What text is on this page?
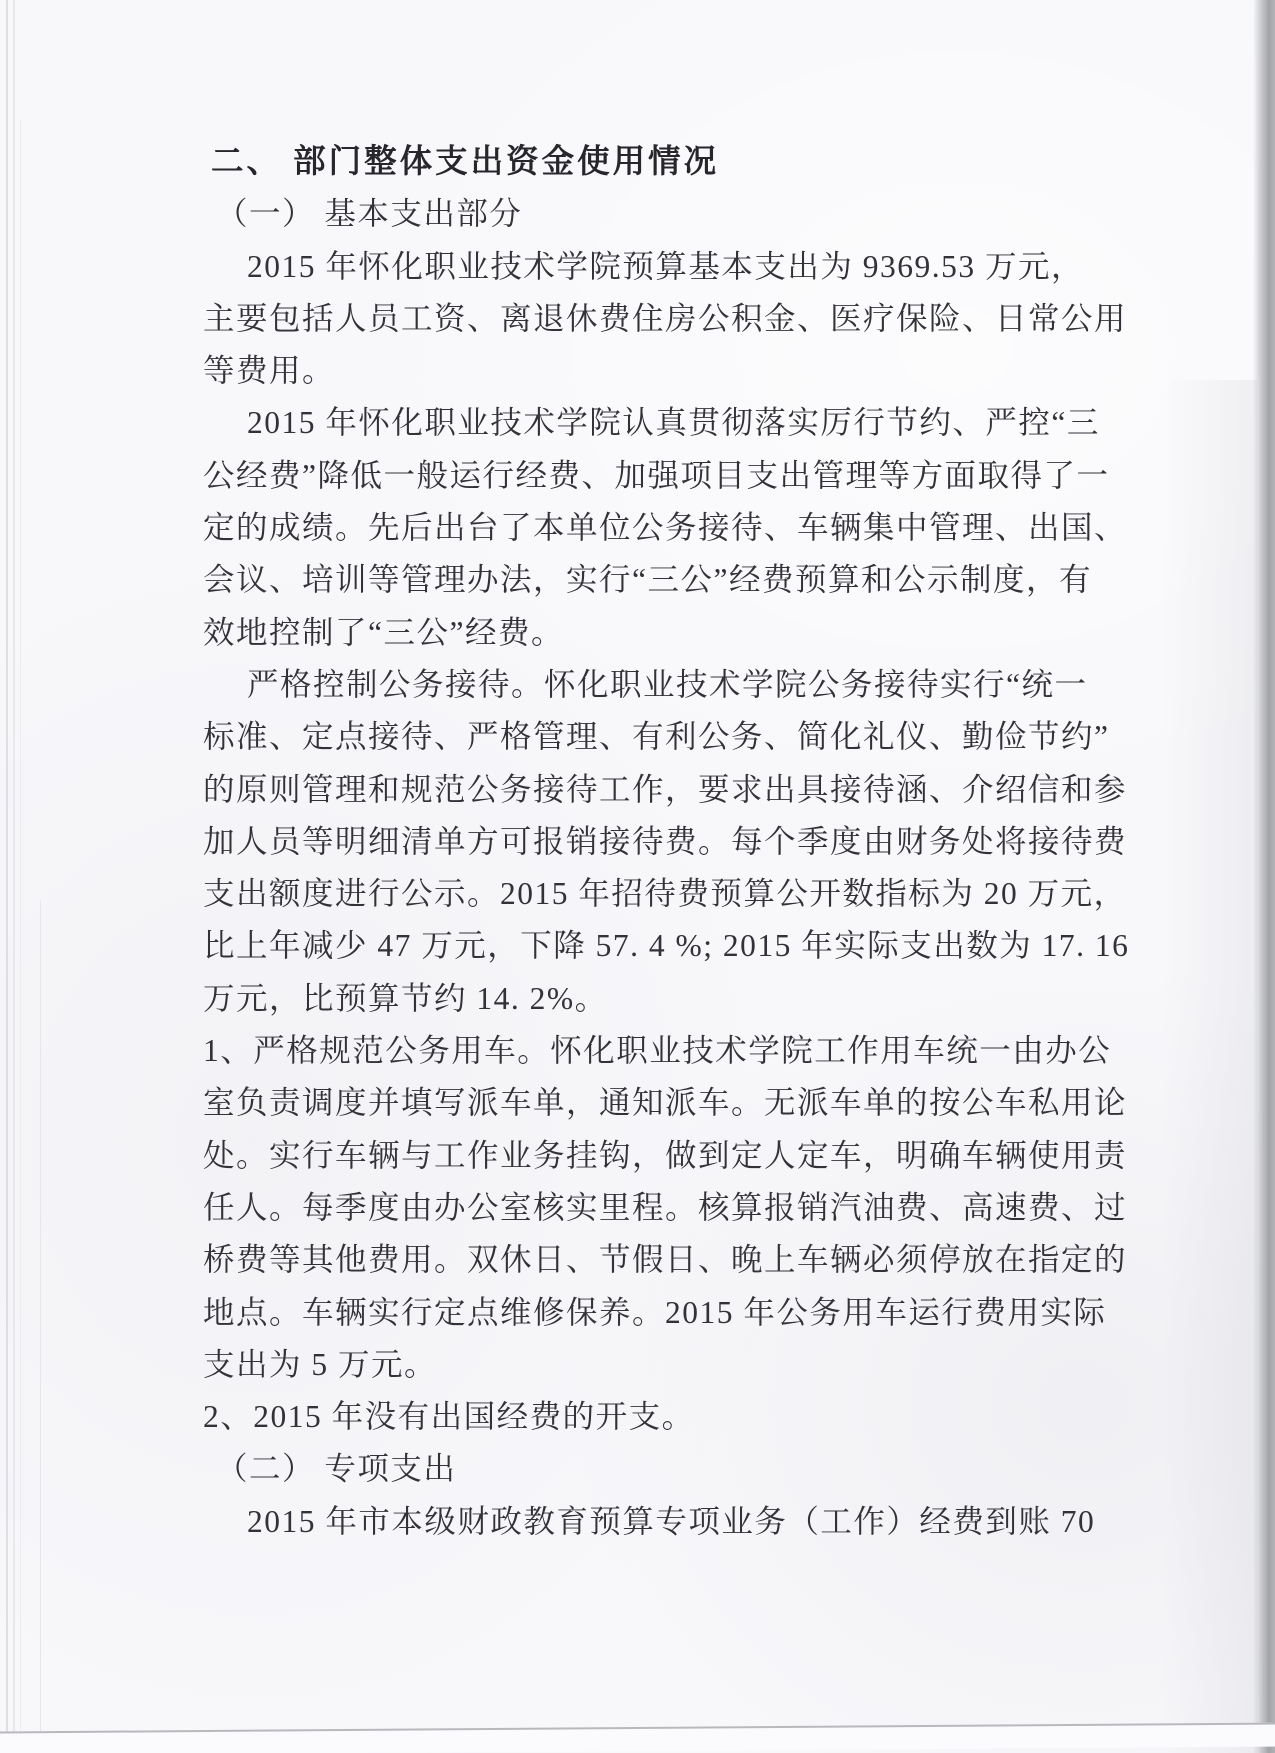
二、 部门整体支出资金使用情况
（一） 基本支出部分
2015 年怀化职业技术学院预算基本支出为 9369.53 万元，
主要包括人员工资、离退休费住房公积金、医疗保险、日常公用
等费用。
2015 年怀化职业技术学院认真贯彻落实厉行节约、严控“三
公经费”降低一般运行经费、加强项目支出管理等方面取得了一
定的成绩。先后出台了本单位公务接待、车辆集中管理、出国、
会议、培训等管理办法，实行“三公”经费预算和公示制度，有
效地控制了“三公”经费。
严格控制公务接待。怀化职业技术学院公务接待实行“统一
标准、定点接待、严格管理、有利公务、简化礼仪、勤俭节约”
的原则管理和规范公务接待工作，要求出具接待涵、介绍信和参
加人员等明细清单方可报销接待费。每个季度由财务处将接待费
支出额度进行公示。2015 年招待费预算公开数指标为 20 万元，
比上年减少 47 万元，下降 57. 4 %; 2015 年实际支出数为 17. 16
万元，比预算节约 14. 2%。
1、严格规范公务用车。怀化职业技术学院工作用车统一由办公
室负责调度并填写派车单，通知派车。无派车单的按公车私用论
处。实行车辆与工作业务挂钩，做到定人定车，明确车辆使用责
任人。每季度由办公室核实里程。核算报销汽油费、高速费、过
桥费等其他费用。双休日、节假日、晚上车辆必须停放在指定的
地点。车辆实行定点维修保养。2015 年公务用车运行费用实际
支出为 5 万元。
2、2015 年没有出国经费的开支。
（二） 专项支出
2015 年市本级财政教育预算专项业务（工作）经费到账 70
